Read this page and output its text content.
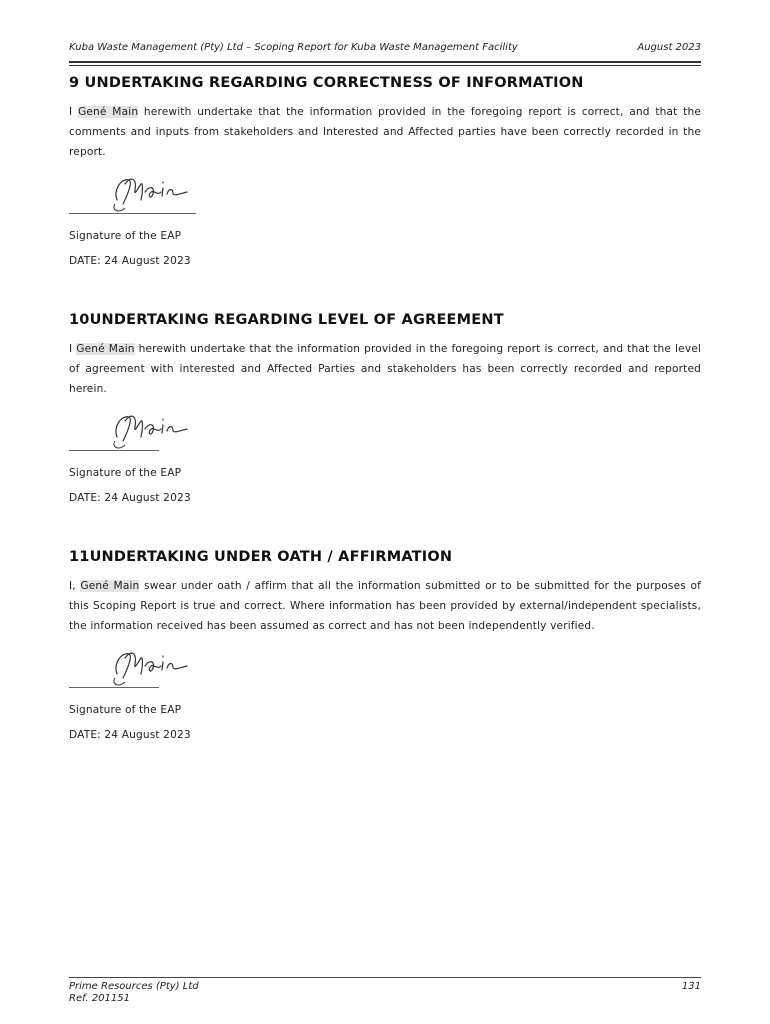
Kuba Waste Management (Pty) Ltd – Scoping Report for Kuba Waste Management Facility	August 2023
9 UNDERTAKING REGARDING CORRECTNESS OF INFORMATION

I Gené Main herewith undertake that the information provided in the foregoing report is correct, and that the comments and inputs from stakeholders and Interested and Affected parties have been correctly recorded in the report.

Signature of the EAP

DATE: 24 August 2023

10UNDERTAKING REGARDING LEVEL OF AGREEMENT

I Gené Main herewith undertake that the information provided in the foregoing report is correct, and that the level of agreement with interested and Affected Parties and stakeholders has been correctly recorded and reported herein.

Signature of the EAP

DATE: 24 August 2023

11UNDERTAKING UNDER OATH / AFFIRMATION

I, Gené Main swear under oath / affirm that all the information submitted or to be submitted for the purposes of this Scoping Report is true and correct. Where information has been provided by external/independent specialists, the information received has been assumed as correct and has not been independently verified.

Signature of the EAP

DATE: 24 August 2023

Prime Resources (Pty) Ltd
Ref. 201151
131
